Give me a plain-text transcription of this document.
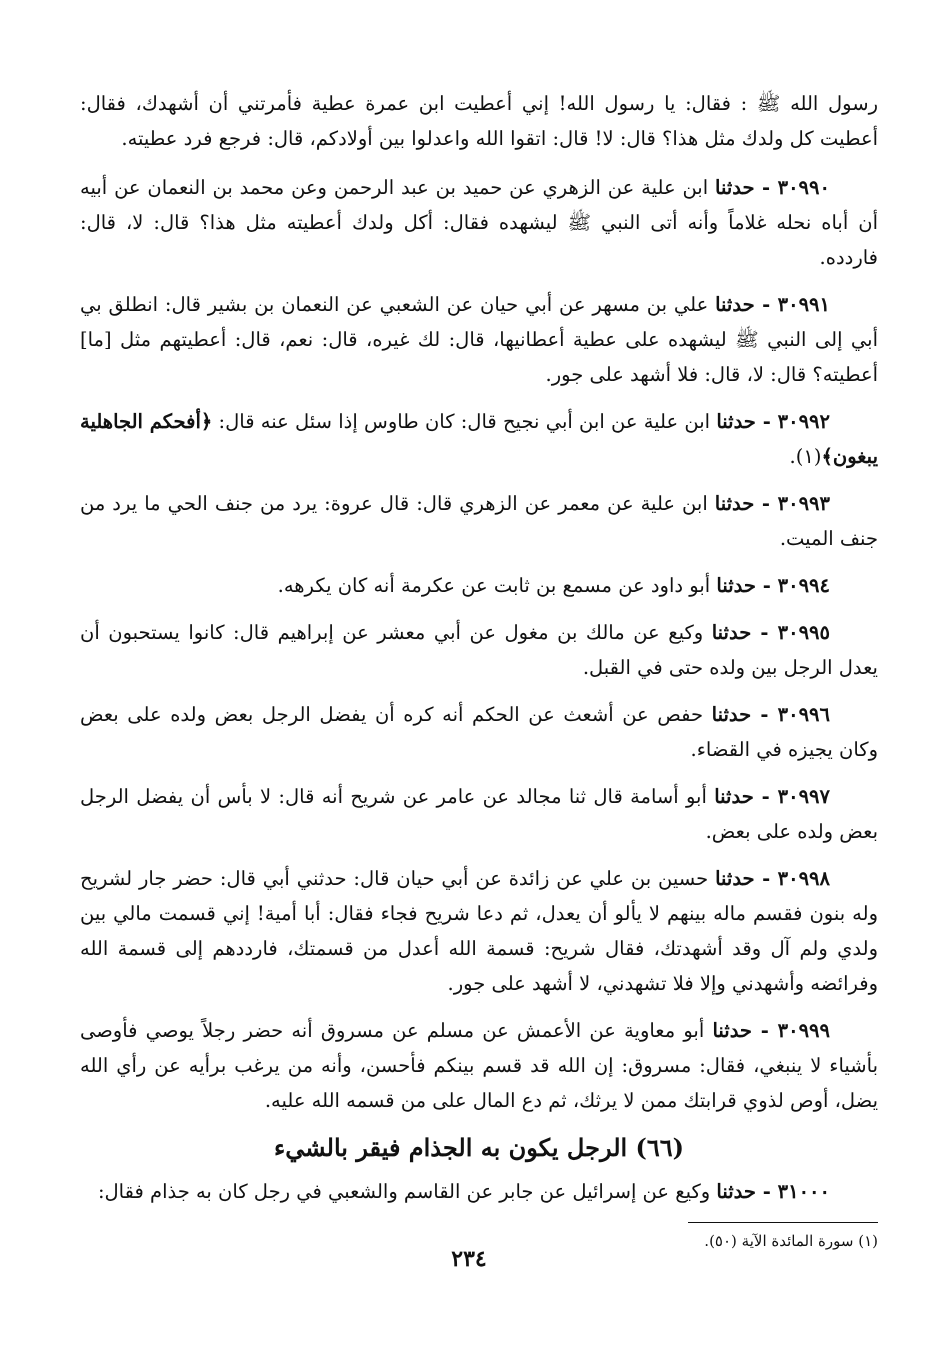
رسول الله ﷺ : فقال: يا رسول الله! إني أعطيت ابن عمرة عطية فأمرتني أن أشهدك، فقال: أعطيت كل ولدك مثل هذا؟ قال: لا! قال: اتقوا الله واعدلوا بين أولادكم، قال: فرجع فرد عطيته.

٣٠٩٩٠ - حدثنا ابن علية عن الزهري عن حميد بن عبد الرحمن وعن محمد بن النعمان عن أبيه أن أباه نحله غلاماً وأنه أتى النبي ﷺ ليشهده فقال: أكل ولدك أعطيته مثل هذا؟ قال: لا، قال: فاردده.

٣٠٩٩١ - حدثنا علي بن مسهر عن أبي حيان عن الشعبي عن النعمان بن بشير قال: انطلق بي أبي إلى النبي ﷺ ليشهده على عطية أعطانيها، قال: لك غيره، قال: نعم، قال: أعطيتهم مثل [ما] أعطيته؟ قال: لا، قال: فلا أشهد على جور.

٣٠٩٩٢ - حدثنا ابن علية عن ابن أبي نجيح قال: كان طاوس إذا سئل عنه قال: ﴿أفحكم الجاهلية يبغون﴾(١).

٣٠٩٩٣ - حدثنا ابن علية عن معمر عن الزهري قال: قال عروة: يرد من جنف الحي ما يرد من جنف الميت.

٣٠٩٩٤ - حدثنا أبو داود عن مسمع بن ثابت عن عكرمة أنه كان يكرهه.

٣٠٩٩٥ - حدثنا وكيع عن مالك بن مغول عن أبي معشر عن إبراهيم قال: كانوا يستحبون أن يعدل الرجل بين ولده حتى في القبل.

٣٠٩٩٦ - حدثنا حفص عن أشعث عن الحكم أنه كره أن يفضل الرجل بعض ولده على بعض وكان يجيزه في القضاء.

٣٠٩٩٧ - حدثنا أبو أسامة قال ثنا مجالد عن عامر عن شريح أنه قال: لا بأس أن يفضل الرجل بعض ولده على بعض.

٣٠٩٩٨ - حدثنا حسين بن علي عن زائدة عن أبي حيان قال: حدثني أبي قال: حضر جار لشريح وله بنون فقسم ماله بينهم لا يألو أن يعدل، ثم دعا شريح فجاء فقال: أبا أمية! إني قسمت مالي بين ولدي ولم آل وقد أشهدتك، فقال شريح: قسمة الله أعدل من قسمتك، فارددهم إلى قسمة الله وفرائضه وأشهدني وإلا فلا تشهدني، لا أشهد على جور.

٣٠٩٩٩ - حدثنا أبو معاوية عن الأعمش عن مسلم عن مسروق أنه حضر رجلاً يوصي فأوصى بأشياء لا ينبغي، فقال: مسروق: إن الله قد قسم بينكم فأحسن، وأنه من يرغب برأيه عن رأي الله يضل، أوص لذوي قرابتك ممن لا يرثك، ثم دع المال على من قسمه الله عليه.

(٦٦) الرجل يكون به الجذام فيقر بالشيء

٣١٠٠٠ - حدثنا وكيع عن إسرائيل عن جابر عن القاسم والشعبي في رجل كان به جذام فقال:

(١) سورة المائدة الآية (٥٠).
٢٣٤
